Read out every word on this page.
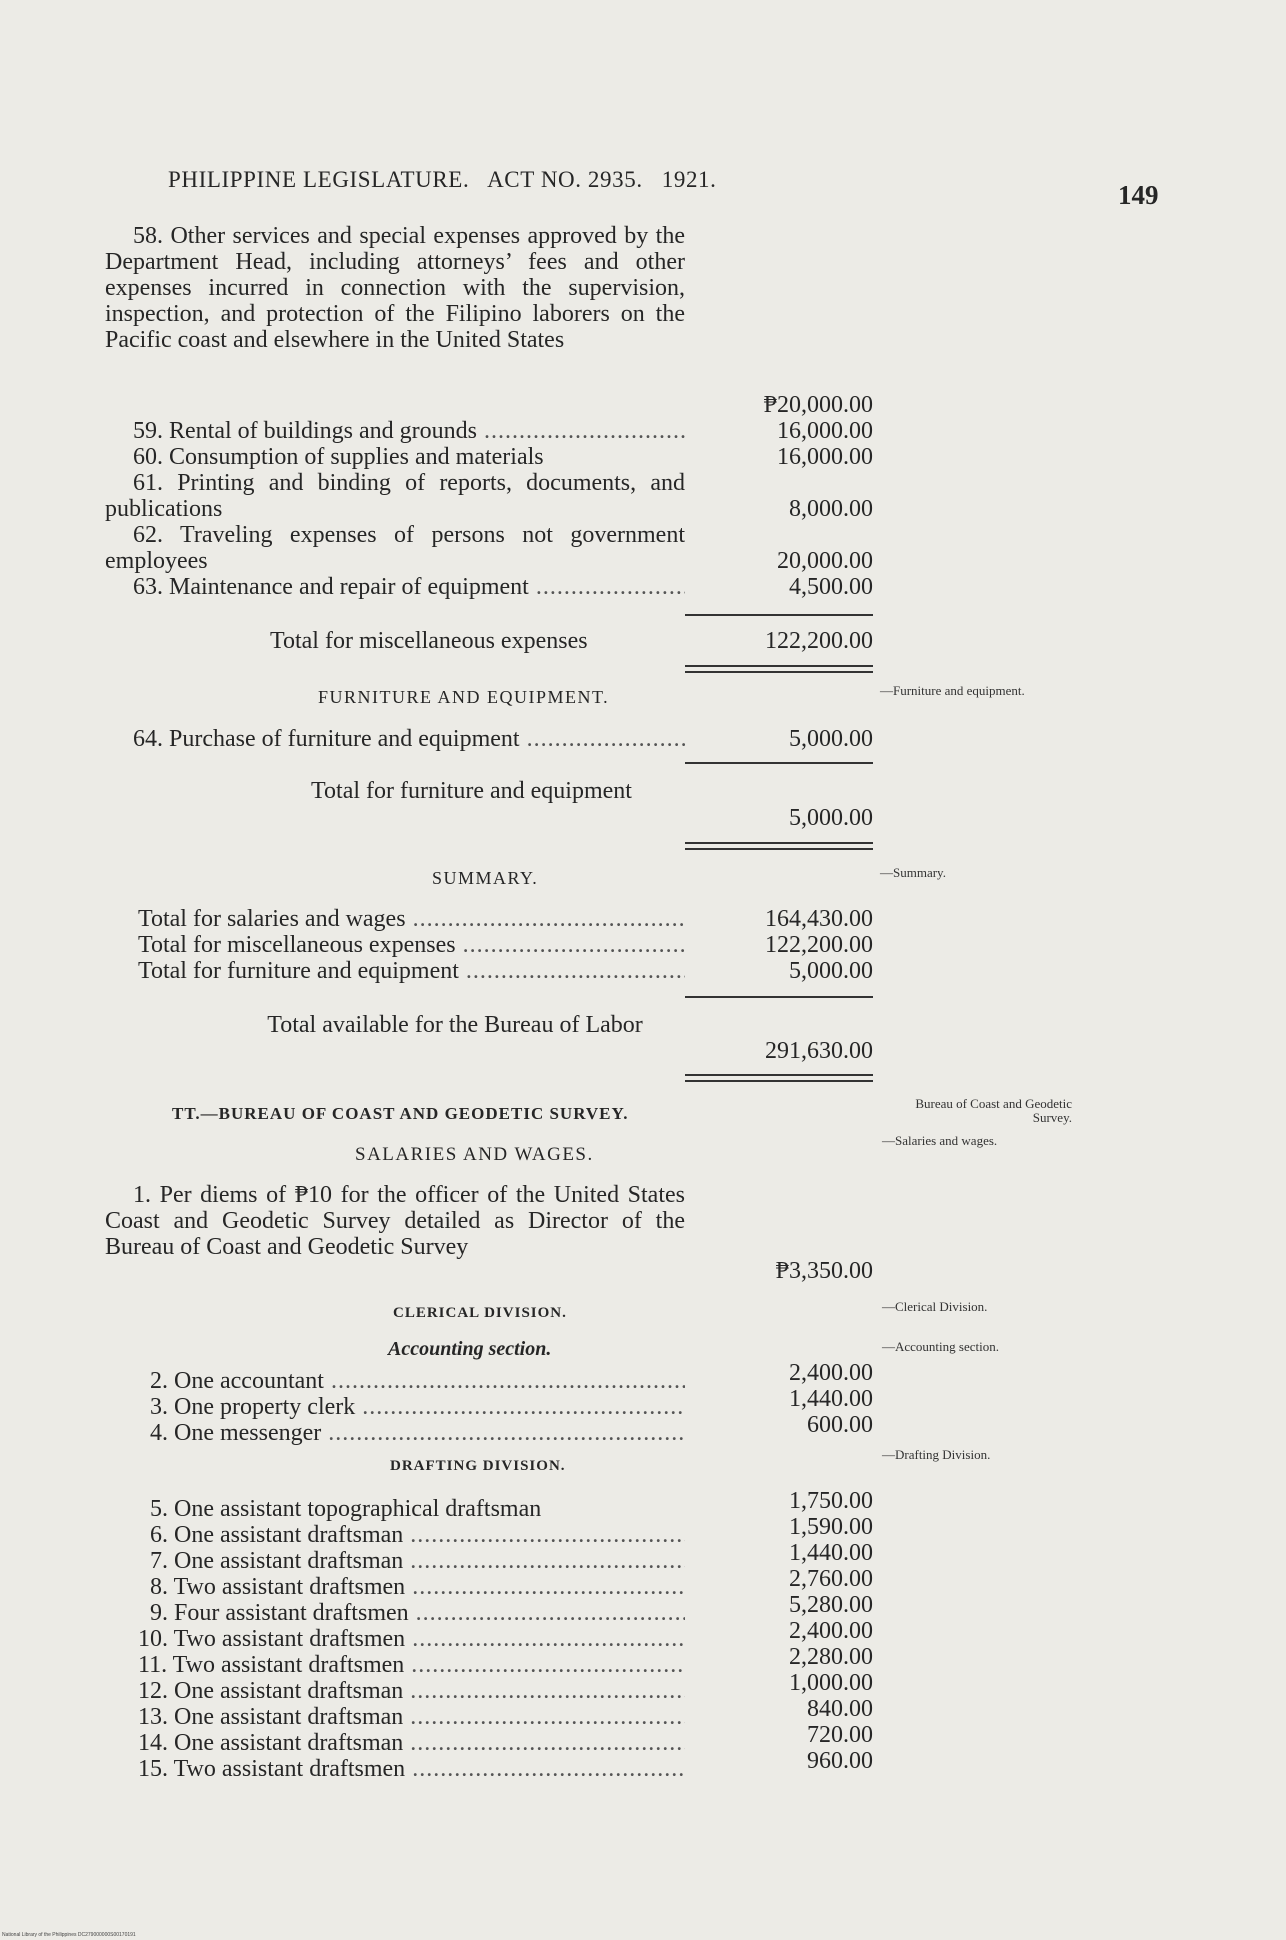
PHILIPPINE LEGISLATURE. ACT NO. 2935. 1921.
149
58. Other services and special expenses approved by the Department Head, including attorneys’ fees and other expenses incurred in connection with the supervision, inspection, and protection of the Filipino laborers on the Pacific coast and elsewhere in the United States
₱20,000.00
59. Rental of buildings and grounds .....	16,000.00
60. Consumption of supplies and materials	16,000.00
61. Printing and binding of reports, documents, and publications	8,000.00
62. Traveling expenses of persons not government employees	20,000.00
63. Maintenance and repair of equipment .....	4,500.00
Total for miscellaneous expenses	122,200.00
FURNITURE AND EQUIPMENT.	—Furniture and equipment.
64. Purchase of furniture and equipment .....	5,000.00
Total for furniture and equipment
5,000.00
SUMMARY.	—Summary.
Total for salaries and wages .....	164,430.00
Total for miscellaneous expenses .....	122,200.00
Total for furniture and equipment .....	5,000.00
Total available for the Bureau of Labor
291,630.00
TT.—BUREAU OF COAST AND GEODETIC SURVEY.
Bureau of Coast and Geodetic Survey.
SALARIES AND WAGES.
—Salaries and wages.
1. Per diems of ₱10 for the officer of the United States Coast and Geodetic Survey detailed as Director of the Bureau of Coast and Geodetic Survey
₱3,350.00
CLERICAL DIVISION.	—Clerical Division.
Accounting section.	—Accounting section.
2. One accountant .....	2,400.00
3. One property clerk .....	1,440.00
4. One messenger .....	600.00
DRAFTING DIVISION.
—Drafting Division.
5. One assistant topographical draftsman	1,750.00
6. One assistant draftsman .....	1,590.00
7. One assistant draftsman .....	1,440.00
8. Two assistant draftsmen .....	2,760.00
9. Four assistant draftsmen .....	5,280.00
10. Two assistant draftsmen .....	2,400.00
11. Two assistant draftsmen .....	2,280.00
12. One assistant draftsman .....	1,000.00
13. One assistant draftsman .....	840.00
14. One assistant draftsman .....	720.00
15. Two assistant draftsmen .....	960.00
National Library of the Philippines DC279000000S00170191
